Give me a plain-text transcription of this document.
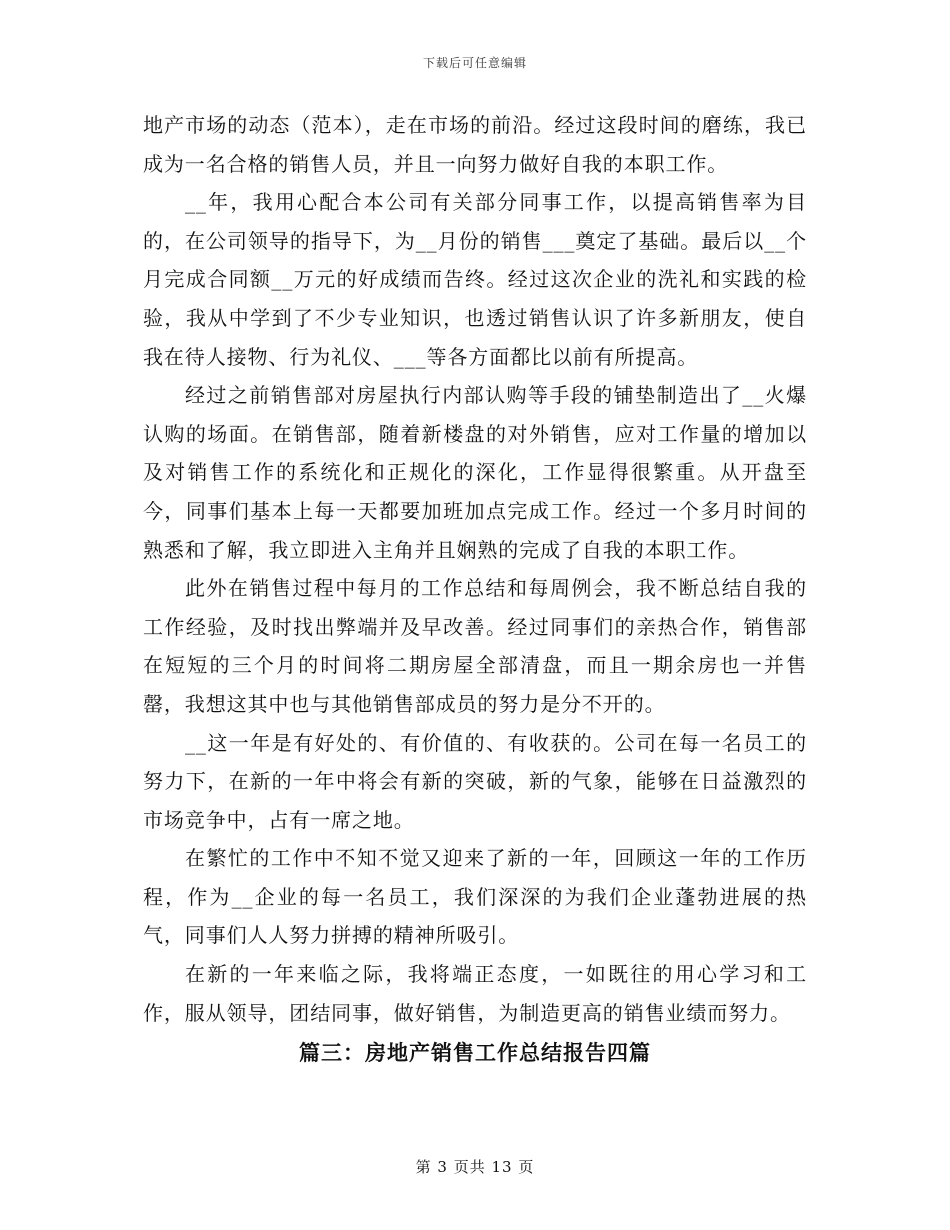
下载后可任意编辑

地产市场的动态（范本），走在市场的前沿。经过这段时间的磨练，我已成为一名合格的销售人员，并且一向努力做好自我的本职工作。

__年，我用心配合本公司有关部分同事工作，以提高销售率为目的，在公司领导的指导下，为__月份的销售___奠定了基础。最后以__个月完成合同额__万元的好成绩而告终。经过这次企业的洗礼和实践的检验，我从中学到了不少专业知识，也透过销售认识了许多新朋友，使自我在待人接物、行为礼仪、___等各方面都比以前有所提高。

经过之前销售部对房屋执行内部认购等手段的铺垫制造出了__火爆认购的场面。在销售部，随着新楼盘的对外销售，应对工作量的增加以及对销售工作的系统化和正规化的深化，工作显得很繁重。从开盘至今，同事们基本上每一天都要加班加点完成工作。经过一个多月时间的熟悉和了解，我立即进入主角并且娴熟的完成了自我的本职工作。

此外在销售过程中每月的工作总结和每周例会，我不断总结自我的工作经验，及时找出弊端并及早改善。经过同事们的亲热合作，销售部在短短的三个月的时间将二期房屋全部清盘，而且一期余房也一并售罄，我想这其中也与其他销售部成员的努力是分不开的。

__这一年是有好处的、有价值的、有收获的。公司在每一名员工的努力下，在新的一年中将会有新的突破，新的气象，能够在日益激烈的市场竞争中，占有一席之地。

在繁忙的工作中不知不觉又迎来了新的一年，回顾这一年的工作历程，作为__企业的每一名员工，我们深深的为我们企业蓬勃进展的热气，同事们人人努力拼搏的精神所吸引。

在新的一年来临之际，我将端正态度，一如既往的用心学习和工作，服从领导，团结同事，做好销售，为制造更高的销售业绩而努力。

篇三：房地产销售工作总结报告四篇
第 3 页共 13 页
